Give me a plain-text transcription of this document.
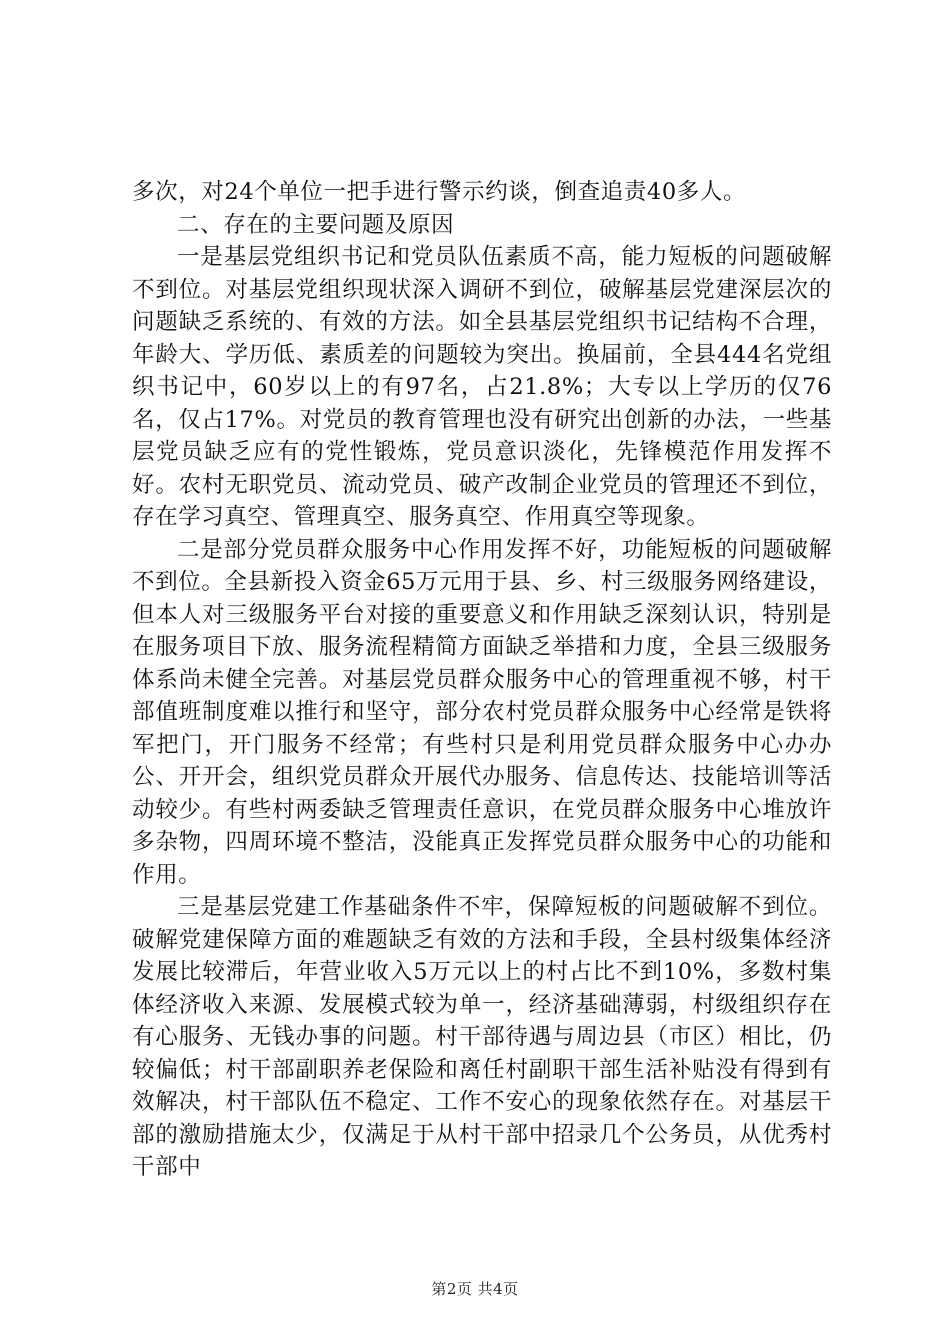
多次，对24个单位一把手进行警示约谈，倒查追责40多人。

二、存在的主要问题及原因

一是基层党组织书记和党员队伍素质不高，能力短板的问题破解不到位。对基层党组织现状深入调研不到位，破解基层党建深层次的问题缺乏系统的、有效的方法。如全县基层党组织书记结构不合理，年龄大、学历低、素质差的问题较为突出。换届前，全县444名党组织书记中，60岁以上的有97名，占21.8%；大专以上学历的仅76名，仅占17%。对党员的教育管理也没有研究出创新的办法，一些基层党员缺乏应有的党性锻炼，党员意识淡化，先锋模范作用发挥不好。农村无职党员、流动党员、破产改制企业党员的管理还不到位，存在学习真空、管理真空、服务真空、作用真空等现象。

二是部分党员群众服务中心作用发挥不好，功能短板的问题破解不到位。全县新投入资金65万元用于县、乡、村三级服务网络建设，但本人对三级服务平台对接的重要意义和作用缺乏深刻认识，特别是在服务项目下放、服务流程精简方面缺乏举措和力度，全县三级服务体系尚未健全完善。对基层党员群众服务中心的管理重视不够，村干部值班制度难以推行和坚守，部分农村党员群众服务中心经常是铁将军把门，开门服务不经常；有些村只是利用党员群众服务中心办办公、开开会，组织党员群众开展代办服务、信息传达、技能培训等活动较少。有些村两委缺乏管理责任意识，在党员群众服务中心堆放许多杂物，四周环境不整洁，没能真正发挥党员群众服务中心的功能和作用。

三是基层党建工作基础条件不牢，保障短板的问题破解不到位。破解党建保障方面的难题缺乏有效的方法和手段，全县村级集体经济发展比较滞后，年营业收入5万元以上的村占比不到10%，多数村集体经济收入来源、发展模式较为单一，经济基础薄弱，村级组织存在有心服务、无钱办事的问题。村干部待遇与周边县（市区）相比，仍较偏低；村干部副职养老保险和离任村副职干部生活补贴没有得到有效解决，村干部队伍不稳定、工作不安心的现象依然存在。对基层干部的激励措施太少，仅满足于从村干部中招录几个公务员，从优秀村干部中

第2页 共4页
